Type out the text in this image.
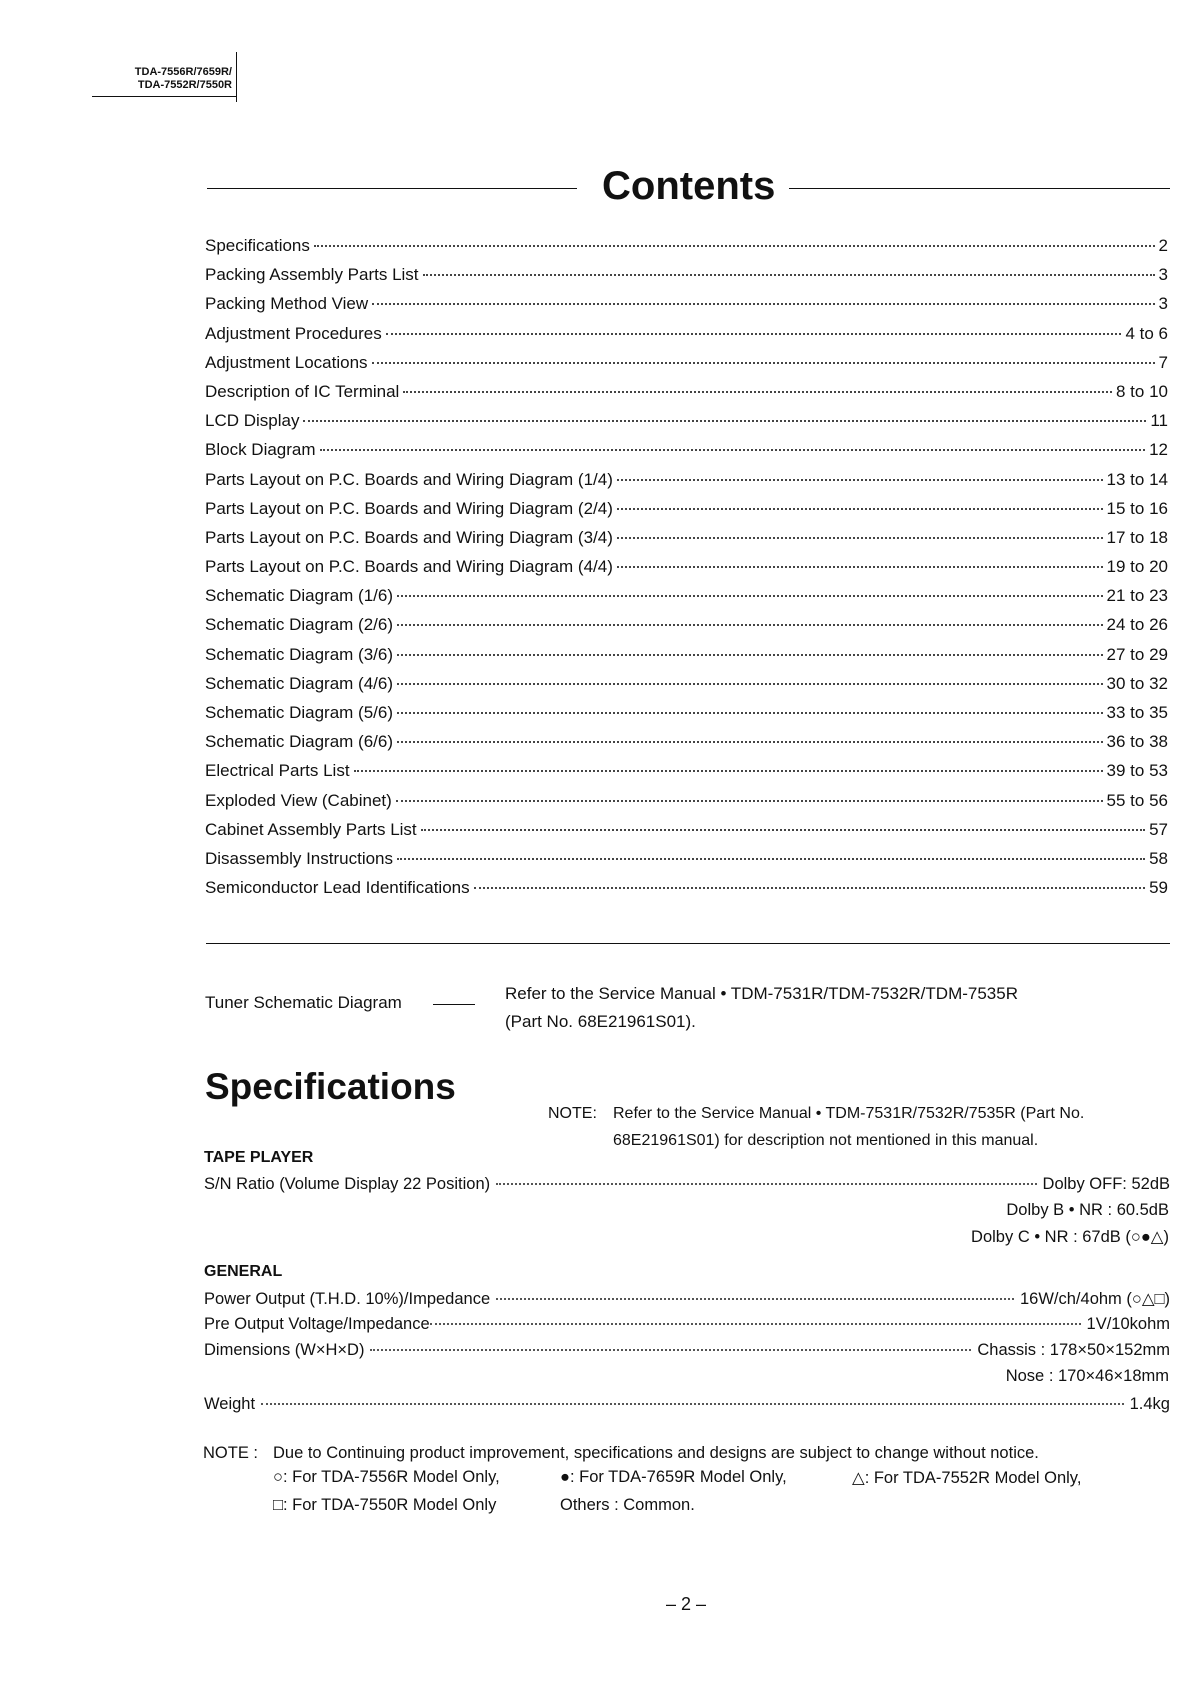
TDA-7556R/7659R/
TDA-7552R/7550R
Contents
Specifications	2
Packing Assembly Parts List	3
Packing Method View	3
Adjustment Procedures	4 to 6
Adjustment Locations	7
Description of IC Terminal	8 to 10
LCD Display	11
Block Diagram	12
Parts Layout on P.C. Boards and Wiring Diagram (1/4)	13 to 14
Parts Layout on P.C. Boards and Wiring Diagram (2/4)	15 to 16
Parts Layout on P.C. Boards and Wiring Diagram (3/4)	17 to 18
Parts Layout on P.C. Boards and Wiring Diagram (4/4)	19 to 20
Schematic Diagram (1/6)	21 to 23
Schematic Diagram (2/6)	24 to 26
Schematic Diagram (3/6)	27 to 29
Schematic Diagram (4/6)	30 to 32
Schematic Diagram (5/6)	33 to 35
Schematic Diagram (6/6)	36 to 38
Electrical Parts List	39 to 53
Exploded View (Cabinet)	55 to 56
Cabinet Assembly Parts List	57
Disassembly Instructions	58
Semiconductor Lead Identifications	59
Tuner Schematic Diagram	Refer to the Service Manual • TDM-7531R/TDM-7532R/TDM-7535R
(Part No. 68E21961S01).
Specifications
NOTE: Refer to the Service Manual • TDM-7531R/7532R/7535R (Part No.
68E21961S01) for description not mentioned in this manual.
TAPE PLAYER
S/N Ratio (Volume Display 22 Position)	Dolby OFF: 52dB
Dolby B • NR : 60.5dB
Dolby C • NR : 67dB (○●△)
GENERAL
Power Output (T.H.D. 10%)/Impedance	16W/ch/4ohm (○△□)
Pre Output Voltage/Impedance	1V/10kohm
Dimensions (W×H×D)	Chassis : 178×50×152mm
Nose : 170×46×18mm
Weight	1.4kg
NOTE : Due to Continuing product improvement, specifications and designs are subject to change without notice.
○: For TDA-7556R Model Only,	●: For TDA-7659R Model Only,	△: For TDA-7552R Model Only,
□: For TDA-7550R Model Only	Others : Common.
– 2 –
